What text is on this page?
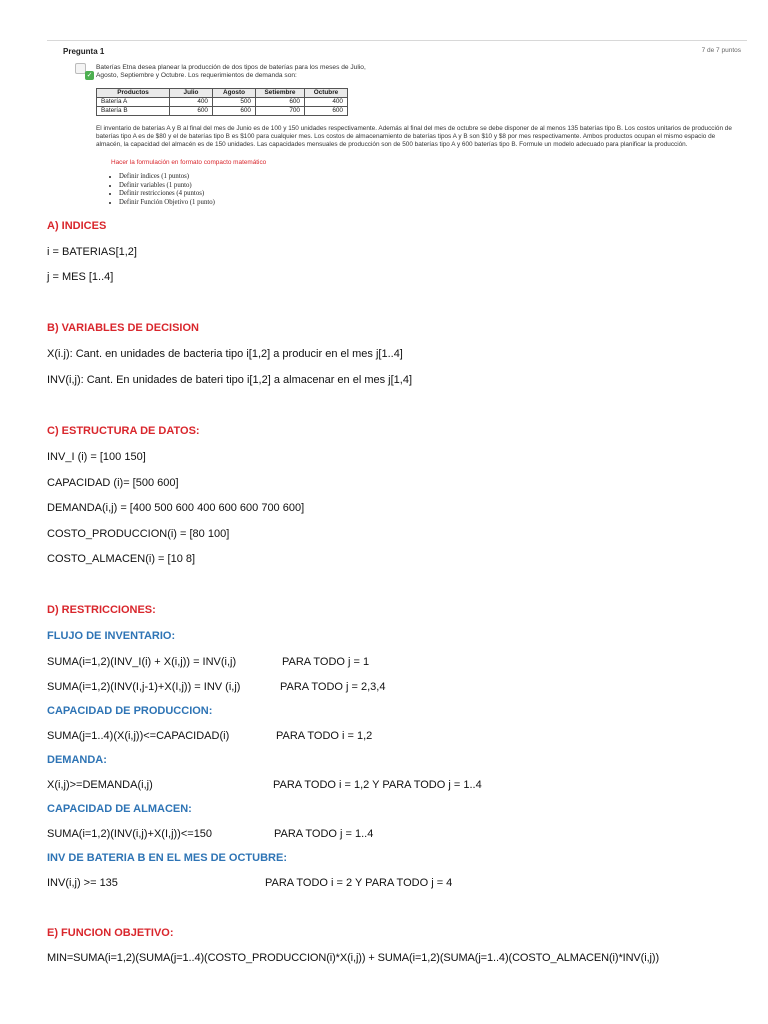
Pregunta 1	7 de 7 puntos
✓
Baterías Etna desea planear la producción de dos tipos de baterías para los meses de Julio,
Agosto, Septiembre y Octubre. Los requerimientos de demanda son:
Productos	Julio	Agosto	Setiembre	Octubre
Batería A	400	500	600	400
Batería B	600	600	700	600
El inventario de baterías A y B al final del mes de Junio es de 100 y 150 unidades respectivamente. Además al final del mes de octubre se debe disponer de al menos 135 baterías tipo B. Los costos unitarios de producción de baterías tipo A es de $80 y el de baterías tipo B es $100 para cualquier mes. Los costos de almacenamiento de baterías tipos A y B son $10 y $8 por mes respectivamente. Ambos productos ocupan el mismo espacio de almacén, la capacidad del almacén es de 150 unidades. Las capacidades mensuales de producción son de 500 baterías tipo A y 600 baterías tipo B. Formule un modelo adecuado para planificar la producción.
Hacer la formulación en formato compacto matemático
• Definir índices (1 puntos)
• Definir variables (1 punto)
• Definir restricciones (4 puntos)
• Definir Función Objetivo (1 punto)
A) INDICES
i = BATERIAS[1,2]
j = MES [1..4]
B) VARIABLES DE DECISION
X(i.j): Cant. en unidades de bacteria tipo i[1,2] a producir en el mes j[1..4]
INV(i,j): Cant. En unidades de bateri tipo i[1,2] a almacenar en el mes j[1,4]
C) ESTRUCTURA DE DATOS:
INV_I (i) = [100 150]
CAPACIDAD (i)= [500 600]
DEMANDA(i,j) = [400 500 600 400 600 600 700 600]
COSTO_PRODUCCION(i) = [80 100]
COSTO_ALMACEN(i) = [10 8]
D) RESTRICCIONES:
FLUJO DE INVENTARIO:
SUMA(i=1,2)(INV_I(i) + X(i,j)) = INV(i,j)	PARA TODO j = 1
SUMA(i=1,2)(INV(I,j-1)+X(I,j)) = INV (i,j)	PARA TODO j = 2,3,4
CAPACIDAD DE PRODUCCION:
SUMA(j=1..4)(X(i,j))<=CAPACIDAD(i)	PARA TODO i = 1,2
DEMANDA:
X(i,j)>=DEMANDA(i,j)	PARA TODO i = 1,2 Y PARA TODO j = 1..4
CAPACIDAD DE ALMACEN:
SUMA(i=1,2)(INV(i,j)+X(I,j))<=150	PARA TODO j = 1..4
INV DE BATERIA B EN EL MES DE OCTUBRE:
INV(i,j) >= 135	PARA TODO i = 2 Y PARA TODO j = 4
E) FUNCION OBJETIVO:
MIN=SUMA(i=1,2)(SUMA(j=1..4)(COSTO_PRODUCCION(i)*X(i,j)) + SUMA(i=1,2)(SUMA(j=1..4)(COSTO_ALMACEN(i)*INV(i,j))
